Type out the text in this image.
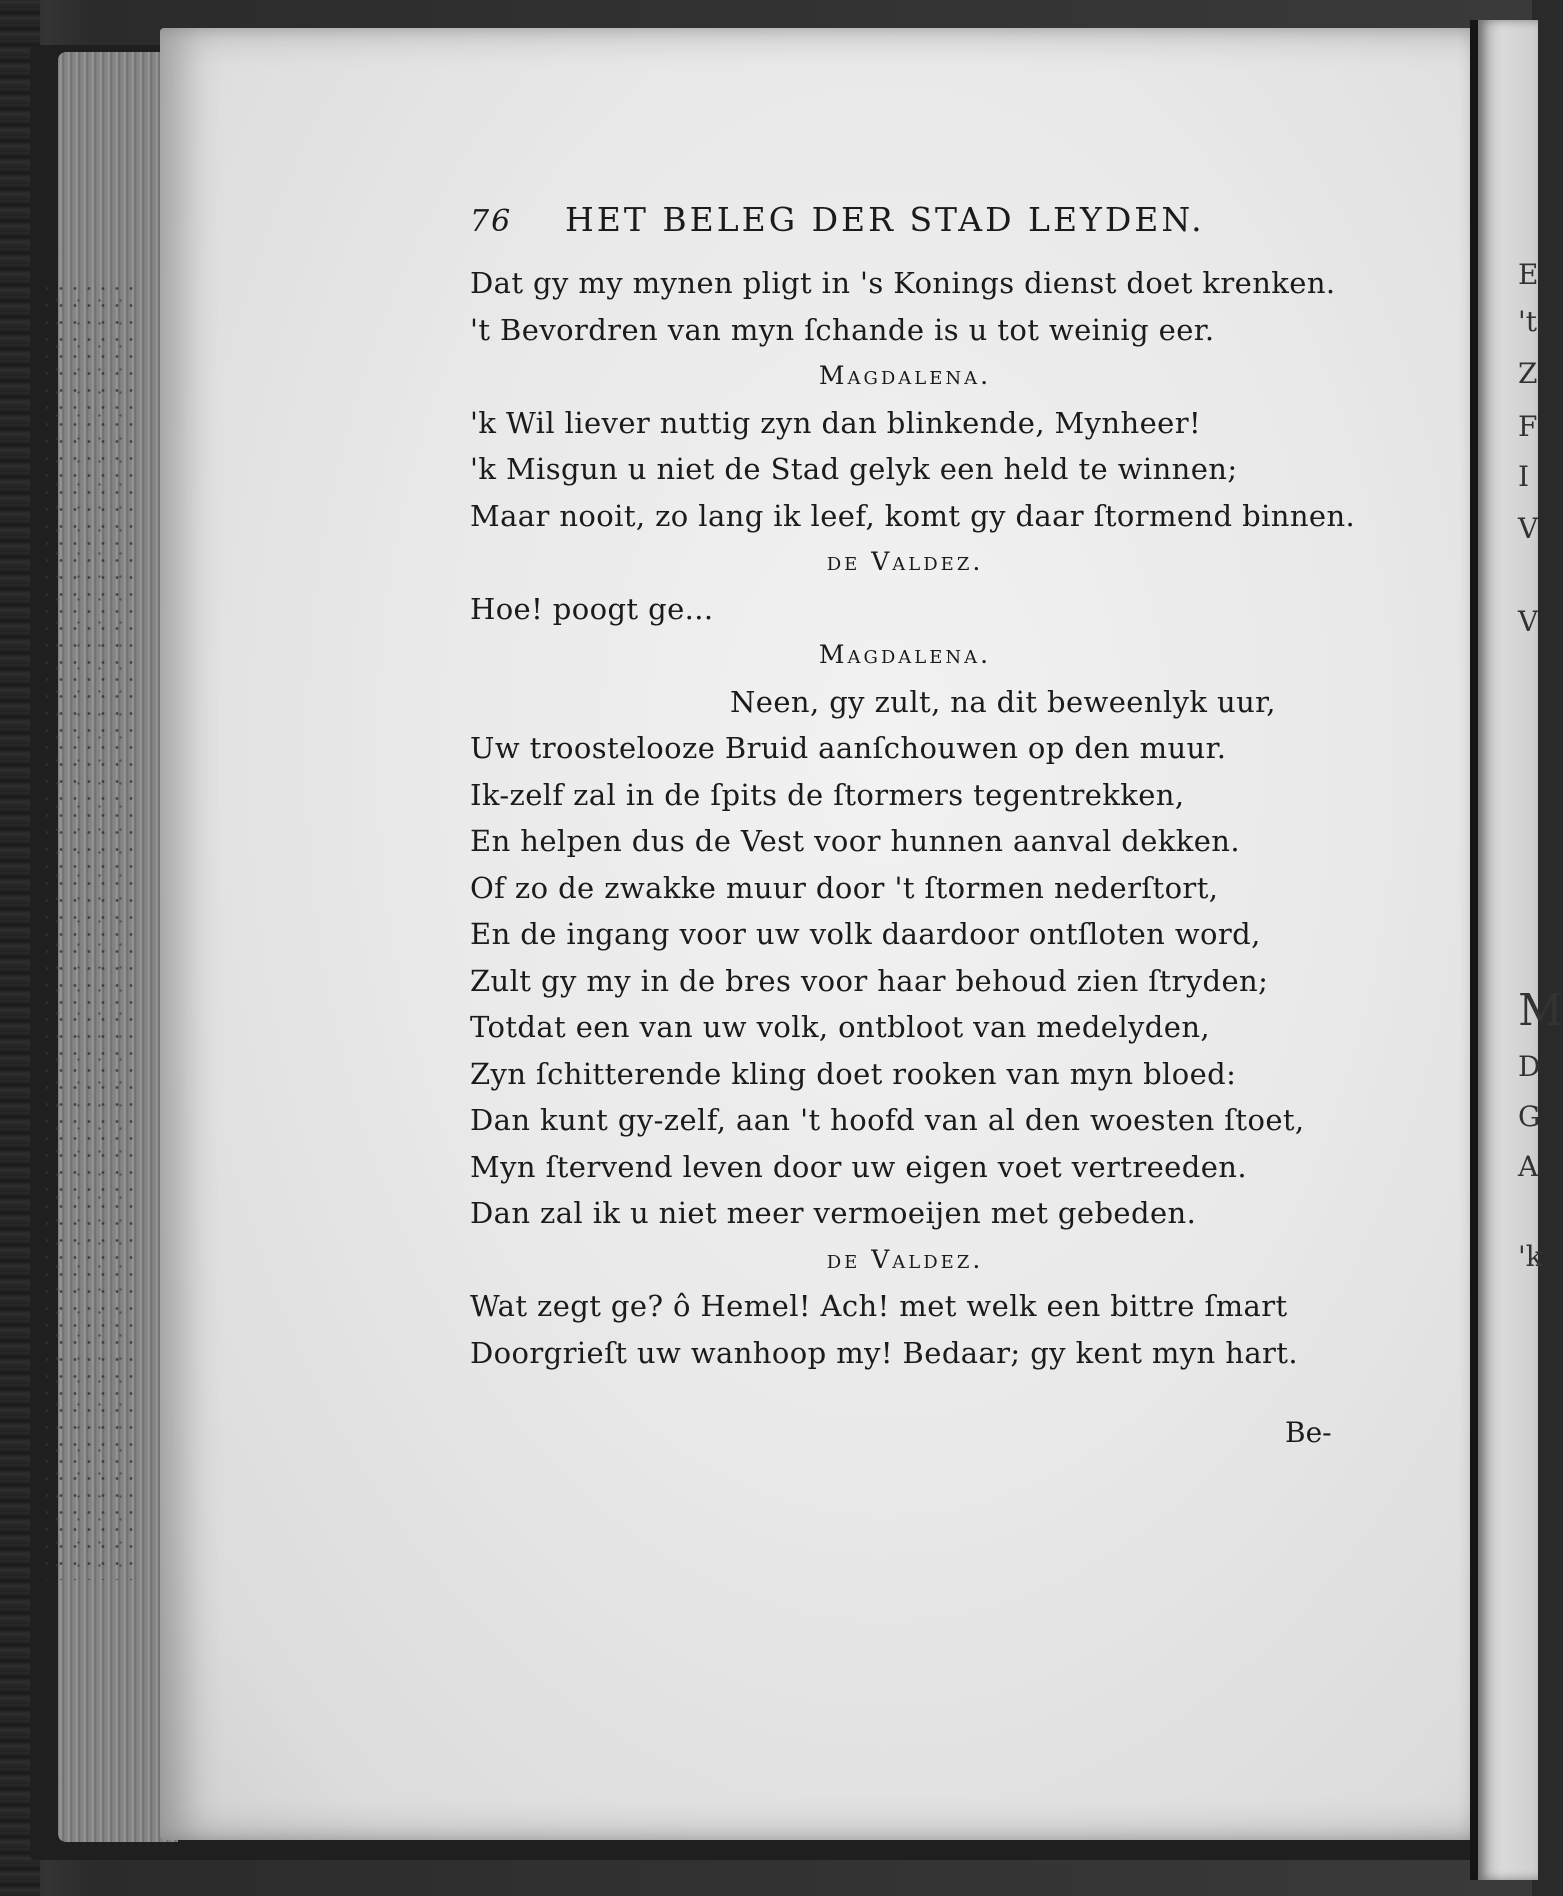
E
't
Z
F
I
V
V
M
D
G
A
'k
76	HET BELEG DER STAD LEYDEN.
Dat gy my mynen pligt in 's Konings dienst doet krenken.
't Bevordren van myn ſchande is u tot weinig eer.
Magdalena.
'k Wil liever nuttig zyn dan blinkende, Mynheer!
'k Misgun u niet de Stad gelyk een held te winnen;
Maar nooit, zo lang ik leef, komt gy daar ſtormend binnen.
de Valdez.
Hoe! poogt ge...
Magdalena.
Neen, gy zult, na dit beweenlyk uur,
Uw troostelooze Bruid aanſchouwen op den muur.
Ik-zelf zal in de ſpits de ſtormers tegentrekken,
En helpen dus de Vest voor hunnen aanval dekken.
Of zo de zwakke muur door 't ſtormen nederſtort,
En de ingang voor uw volk daardoor ontſloten word,
Zult gy my in de bres voor haar behoud zien ſtryden;
Totdat een van uw volk, ontbloot van medelyden,
Zyn ſchitterende kling doet rooken van myn bloed:
Dan kunt gy-zelf, aan 't hoofd van al den woesten ſtoet,
Myn ſtervend leven door uw eigen voet vertreeden.
Dan zal ik u niet meer vermoeijen met gebeden.
de Valdez.
Wat zegt ge? ô Hemel! Ach! met welk een bittre ſmart
Doorgrieſt uw wanhoop my! Bedaar; gy kent myn hart.
Be-
